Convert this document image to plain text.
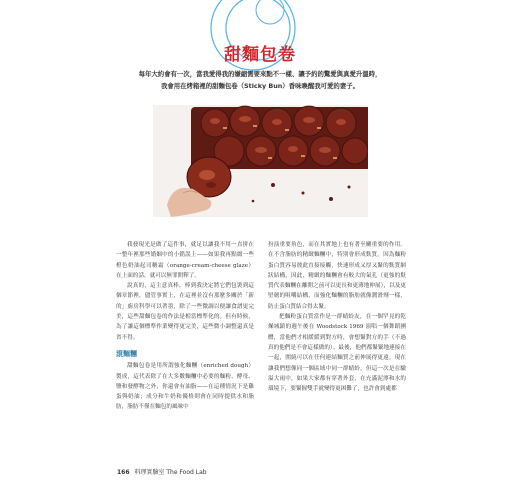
甜麵包卷
每年大約會有一次，當我愛得我的嫌縮需要來點不一樣、讓予約的驚愛與真愛升溫時，
我會用在烤箱裡的甜麵包卷（Sticky Bun）香味喚醒我可愛的妻子。

我發現光是做了這件事，就足以讓我不用一直拼在一整年裡那些婚姻中的小錯誤上——如果我再點綴一些橙色奶油起司糖霜（orange-cream-cheese glaze）在上面的話，就可以無罪開釋了。

說真的，這主意真棒，棒到我決定將它們包裝到這個章節裡，儘管事實上，在這裡並沒有那麼多關於「新的」廚房科學可以著墨，除了一些微調以便讓食譜更完美，這些甜麵包卷的作法是相當標準化的。但有時候，為了讓這個標準作業變得更完美，這些微小調整還真是省不得。

滾麵糰

甜麵包卷是用所謂強化麵糰（enriched dough）製成，這代表除了在大多數麵糰中必要的麵粉、酵母、鹽和發酵物之外，你還會有油脂——在這種情況下是雞蛋與奶油；成分和牛奶和優格則會在同時提供水和脂肪，脂肪不僅在麵包的風味中

扮演重要角色，而在其實地上也有著至關重要的作用。在不含脂肪的精緻麵糰中，特別會形成麩質。因為麵粉蛋白質容易彼此直接接觸，快速形成又厚又緊的麩質網狀結構，因此，精緻的麵糰會有較大的氣孔（更強的麩質代表麵糰在離開之前可以更長和更薄地伸展），以及更堅韌的咀嚼結構，而強化麵糰的脂肪就像潤滑劑一樣，防止蛋白質結合得太緊。

把麵粉蛋白質當作是一群蜻蛉友，在一個罕見的乾燥城鎮的週午後在 Woodstock 1969 演唱一個舞蹈團體，當他們才相緩緩到對方時，會想緊對方的手（不過真的他們是不會這樣做的）。最後，他們都緊緊地連接在一起，圍繞可以在任何連結麵質之前伸展得更遠。現在讓我們想像同一個區域中同一群蜻蛉，但這一次是在驗溢大雨中，如果大家都有穿著外套，在充滿泥濘和水的環境下，要緊握雙手就變得更困難了，也許會到處都

166 料理實驗室 The Food Lab
